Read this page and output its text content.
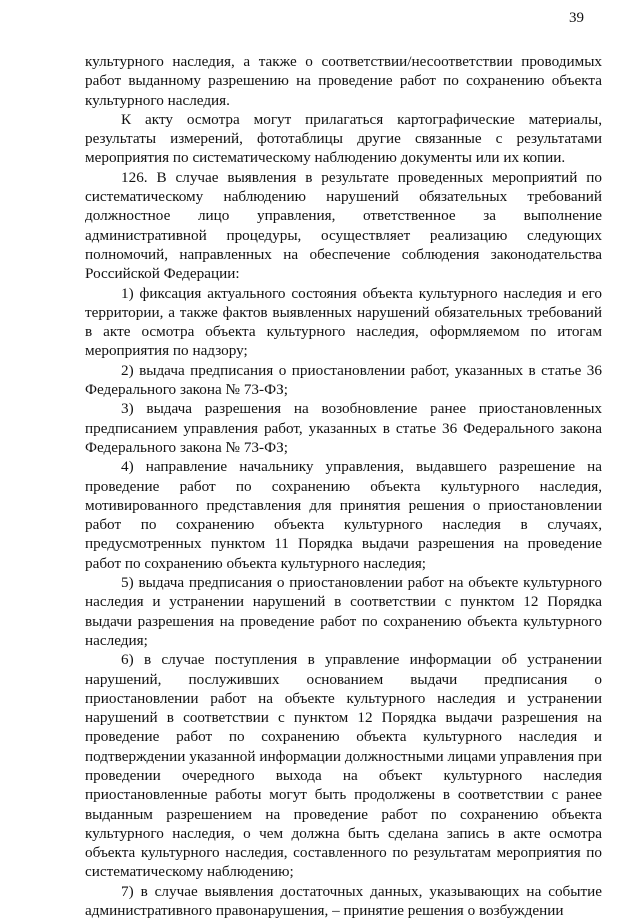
39

культурного наследия, а также о соответствии/несоответствии проводимых работ выданному разрешению на проведение работ по сохранению объекта культурного наследия.

К акту осмотра могут прилагаться картографические материалы, результаты измерений, фототаблицы другие связанные с результатами мероприятия по систематическому наблюдению документы или их копии.

126. В случае выявления в результате проведенных мероприятий по систематическому наблюдению нарушений обязательных требований должностное лицо управления, ответственное за выполнение административной процедуры, осуществляет реализацию следующих полномочий, направленных на обеспечение соблюдения законодательства Российской Федерации:

1) фиксация актуального состояния объекта культурного наследия и его территории, а также фактов выявленных нарушений обязательных требований в акте осмотра объекта культурного наследия, оформляемом по итогам мероприятия по надзору;

2) выдача предписания о приостановлении работ, указанных в статье 36 Федерального закона № 73-ФЗ;

3) выдача разрешения на возобновление ранее приостановленных предписанием управления работ, указанных в статье 36 Федерального закона Федерального закона № 73-ФЗ;

4) направление начальнику управления, выдавшего разрешение на проведение работ по сохранению объекта культурного наследия, мотивированного представления для принятия решения о приостановлении работ по сохранению объекта культурного наследия в случаях, предусмотренных пунктом 11 Порядка выдачи разрешения на проведение работ по сохранению объекта культурного наследия;

5) выдача предписания о приостановлении работ на объекте культурного наследия и устранении нарушений в соответствии с пунктом 12 Порядка выдачи разрешения на проведение работ по сохранению объекта культурного наследия;

6) в случае поступления в управление информации об устранении нарушений, послуживших основанием выдачи предписания о приостановлении работ на объекте культурного наследия и устранении нарушений в соответствии с пунктом 12 Порядка выдачи разрешения на проведение работ по сохранению объекта культурного наследия и подтверждении указанной информации должностными лицами управления при проведении очередного выхода на объект культурного наследия приостановленные работы могут быть продолжены в соответствии с ранее выданным разрешением на проведение работ по сохранению объекта культурного наследия, о чем должна быть сделана запись в акте осмотра объекта культурного наследия, составленного по результатам мероприятия по систематическому наблюдению;

7) в случае выявления достаточных данных, указывающих на событие административного правонарушения, – принятие решения о возбуждении
